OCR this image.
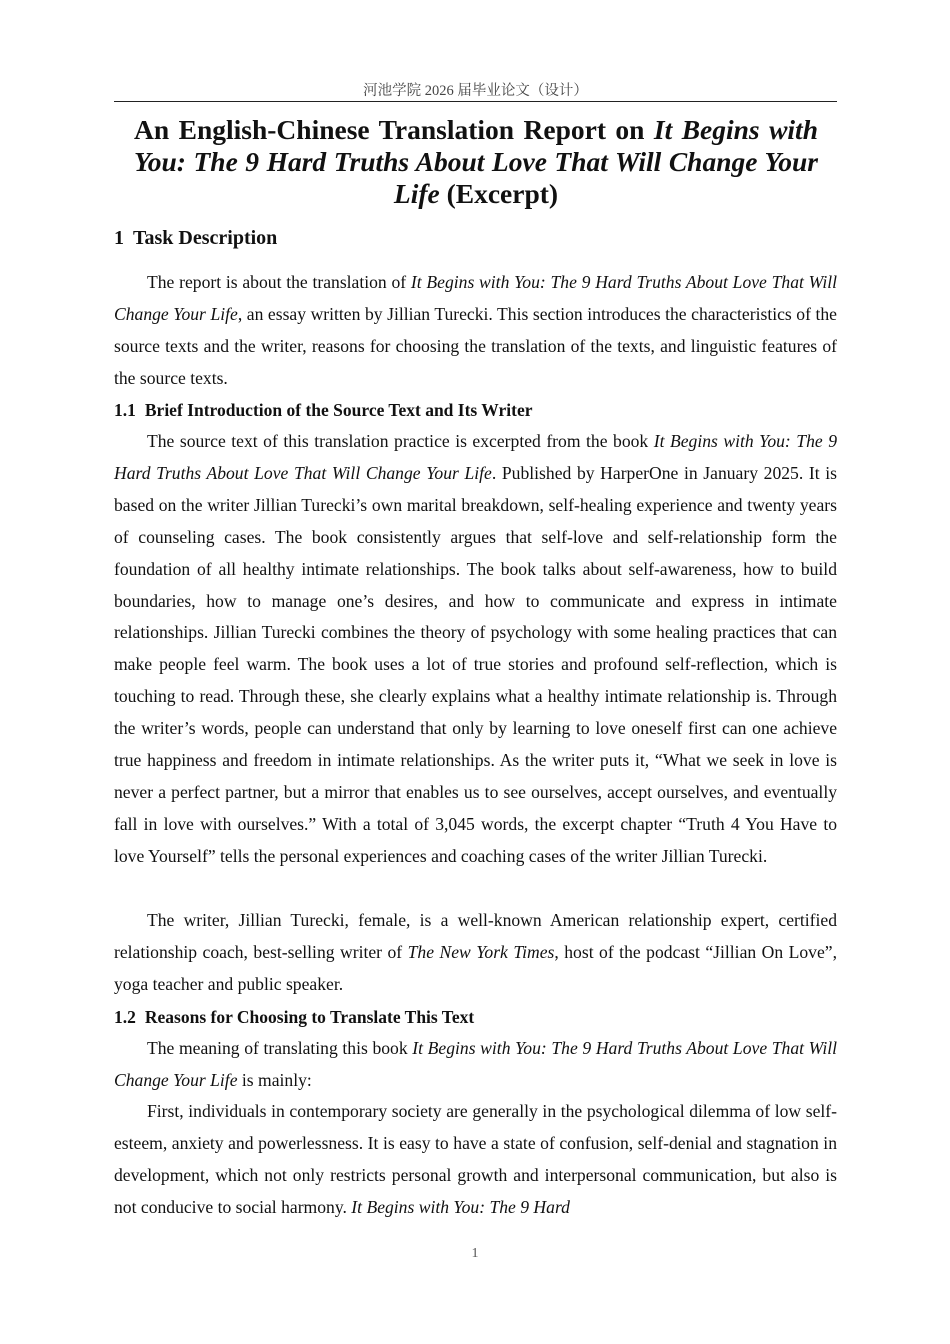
河池学院 2026 届毕业论文（设计）
An English-Chinese Translation Report on It Begins with You: The 9 Hard Truths About Love That Will Change Your Life (Excerpt)
1 Task Description

The report is about the translation of It Begins with You: The 9 Hard Truths About Love That Will Change Your Life, an essay written by Jillian Turecki. This section introduces the characteristics of the source texts and the writer, reasons for choosing the translation of the texts, and linguistic features of the source texts.

1.1 Brief Introduction of the Source Text and Its Writer

The source text of this translation practice is excerpted from the book It Begins with You: The 9 Hard Truths About Love That Will Change Your Life. Published by HarperOne in January 2025. It is based on the writer Jillian Turecki’s own marital breakdown, self-healing experience and twenty years of counseling cases. The book consistently argues that self-love and self-relationship form the foundation of all healthy intimate relationships. The book talks about self-awareness, how to build boundaries, how to manage one’s desires, and how to communicate and express in intimate relationships. Jillian Turecki combines the theory of psychology with some healing practices that can make people feel warm. The book uses a lot of true stories and profound self-reflection, which is touching to read. Through these, she clearly explains what a healthy intimate relationship is. Through the writer’s words, people can understand that only by learning to love oneself first can one achieve true happiness and freedom in intimate relationships. As the writer puts it, “What we seek in love is never a perfect partner, but a mirror that enables us to see ourselves, accept ourselves, and eventually fall in love with ourselves.” With a total of 3,045 words, the excerpt chapter “Truth 4 You Have to love Yourself” tells the personal experiences and coaching cases of the writer Jillian Turecki.

The writer, Jillian Turecki, female, is a well-known American relationship expert, certified relationship coach, best-selling writer of The New York Times, host of the podcast “Jillian On Love”, yoga teacher and public speaker.

1.2 Reasons for Choosing to Translate This Text

The meaning of translating this book It Begins with You: The 9 Hard Truths About Love That Will Change Your Life is mainly:

First, individuals in contemporary society are generally in the psychological dilemma of low self-esteem, anxiety and powerlessness. It is easy to have a state of confusion, self-denial and stagnation in development, which not only restricts personal growth and interpersonal communication, but also is not conducive to social harmony. It Begins with You: The 9 Hard

1
